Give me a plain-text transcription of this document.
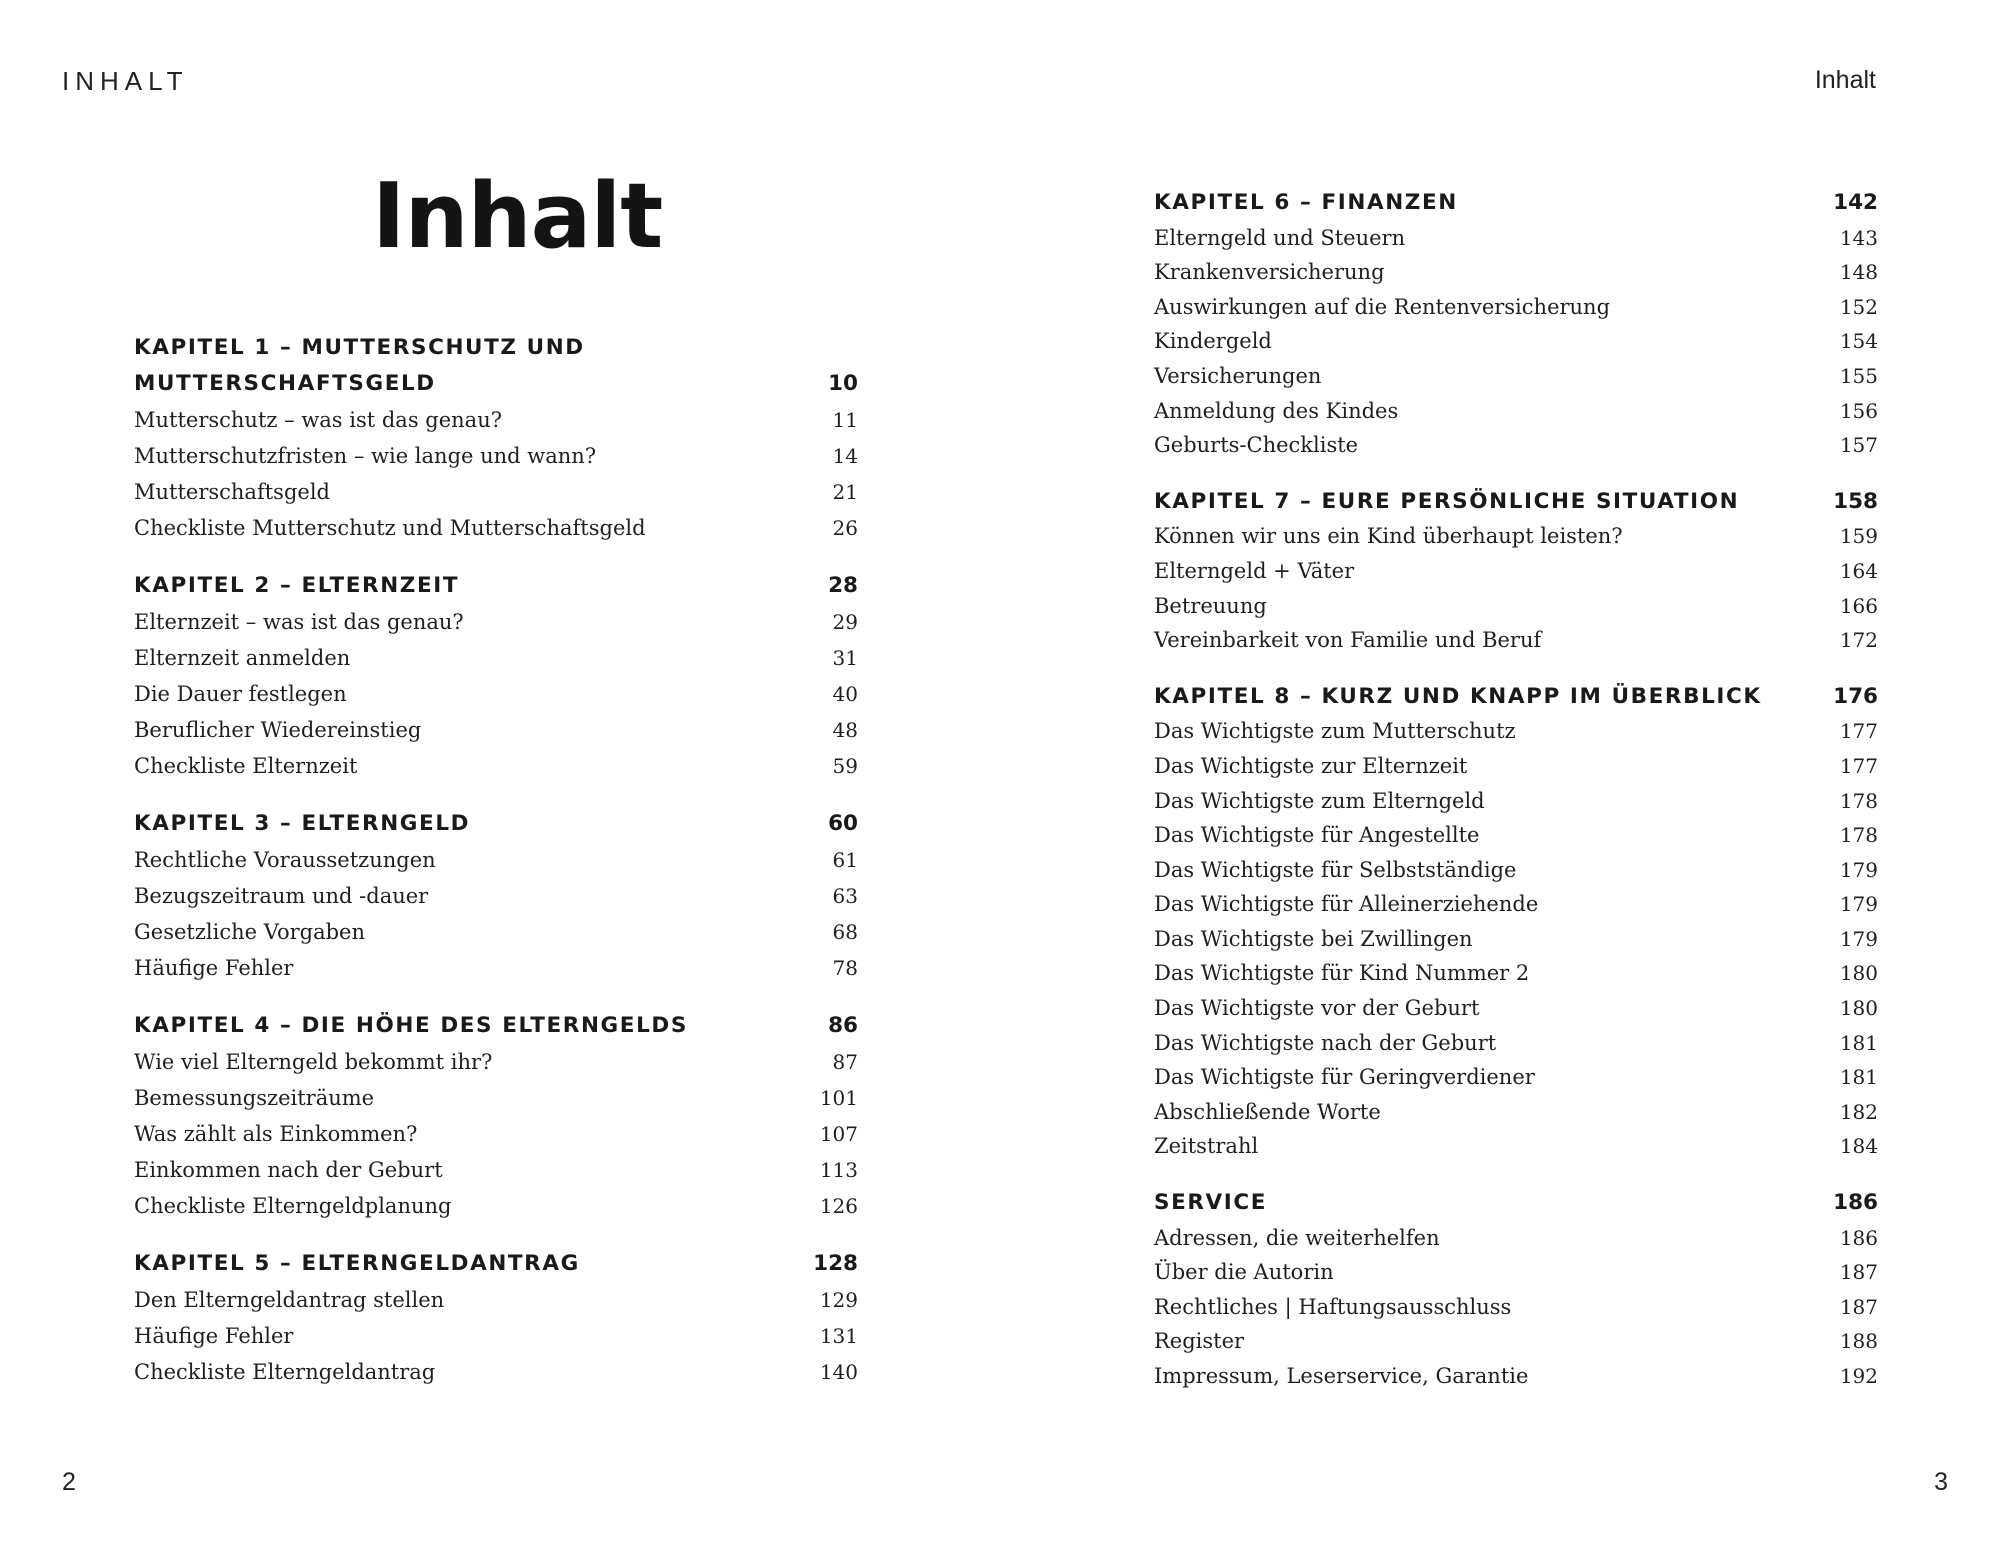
INHALT	Inhalt
Inhalt
KAPITEL 1 – MUTTERSCHUTZ UND
MUTTERSCHAFTSGELD	10
Mutterschutz – was ist das genau?	11
Mutterschutzfristen – wie lange und wann?	14
Mutterschaftsgeld	21
Checkliste Mutterschutz und Mutterschaftsgeld	26
KAPITEL 2 – ELTERNZEIT	28
Elternzeit – was ist das genau?	29
Elternzeit anmelden	31
Die Dauer festlegen	40
Beruflicher Wiedereinstieg	48
Checkliste Elternzeit	59
KAPITEL 3 – ELTERNGELD	60
Rechtliche Voraussetzungen	61
Bezugszeitraum und -dauer	63
Gesetzliche Vorgaben	68
Häufige Fehler	78
KAPITEL 4 – DIE HÖHE DES ELTERNGELDS	86
Wie viel Elterngeld bekommt ihr?	87
Bemessungszeiträume	101
Was zählt als Einkommen?	107
Einkommen nach der Geburt	113
Checkliste Elterngeldplanung	126
KAPITEL 5 – ELTERNGELDANTRAG	128
Den Elterngeldantrag stellen	129
Häufige Fehler	131
Checkliste Elterngeldantrag	140
KAPITEL 6 – FINANZEN	142
Elterngeld und Steuern	143
Krankenversicherung	148
Auswirkungen auf die Rentenversicherung	152
Kindergeld	154
Versicherungen	155
Anmeldung des Kindes	156
Geburts-Checkliste	157
KAPITEL 7 – EURE PERSÖNLICHE SITUATION	158
Können wir uns ein Kind überhaupt leisten?	159
Elterngeld + Väter	164
Betreuung	166
Vereinbarkeit von Familie und Beruf	172
KAPITEL 8 – KURZ UND KNAPP IM ÜBERBLICK	176
Das Wichtigste zum Mutterschutz	177
Das Wichtigste zur Elternzeit	177
Das Wichtigste zum Elterngeld	178
Das Wichtigste für Angestellte	178
Das Wichtigste für Selbstständige	179
Das Wichtigste für Alleinerziehende	179
Das Wichtigste bei Zwillingen	179
Das Wichtigste für Kind Nummer 2	180
Das Wichtigste vor der Geburt	180
Das Wichtigste nach der Geburt	181
Das Wichtigste für Geringverdiener	181
Abschließende Worte	182
Zeitstrahl	184
SERVICE	186
Adressen, die weiterhelfen	186
Über die Autorin	187
Rechtliches | Haftungsausschluss	187
Register	188
Impressum, Leserservice, Garantie	192
2	3
